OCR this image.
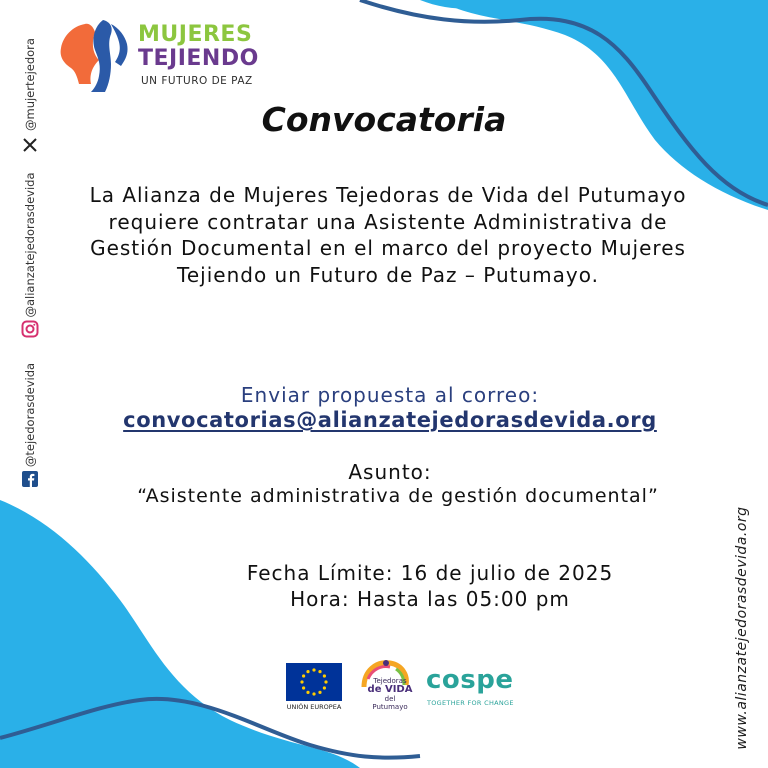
MUJERES
TEJIENDO
UN FUTURO DE PAZ
@mujertejedora
@alianzatejedorasdevida
@tejedorasdevida
Convocatoria
La Alianza de Mujeres Tejedoras de Vida del Putumayo requiere contratar una Asistente Administrativa de Gestión Documental en el marco del proyecto Mujeres Tejiendo un Futuro de Paz – Putumayo.
Enviar propuesta al correo:
convocatorias@alianzatejedorasdevida.org
Asunto:
“Asistente administrativa de gestión documental”
Fecha Límite: 16 de julio de 2025
Hora: Hasta las 05:00 pm	www.alianzatejedorasdevida.org
UNIÓN EUROPEA
Tejedoras
de VIDA
del Putumayo
cospe
TOGETHER FOR CHANGE
